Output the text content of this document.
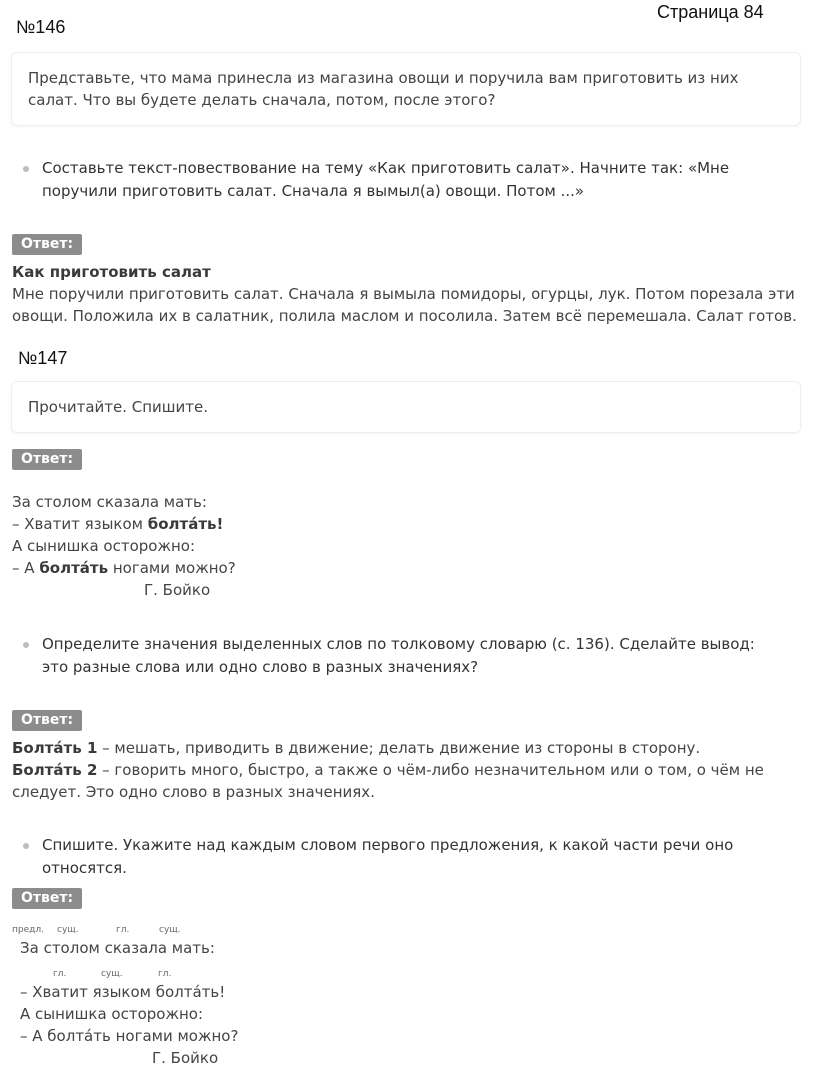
Страница 84
№146
Представьте, что мама принесла из магазина овощи и поручила вам приготовить из них салат. Что вы будете делать сначала, потом, после этого?
Составьте текст-повествование на тему «Как приготовить салат». Начните так: «Мне поручили приготовить салат. Сначала я вымыл(а) овощи. Потом ...»
Ответ:
Как приготовить салат
Мне поручили приготовить салат. Сначала я вымыла помидоры, огурцы, лук. Потом порезала эти овощи. Положила их в салатник, полила маслом и посолила. Затем всё перемешала. Салат готов.
№147
Прочитайте. Спишите.
Ответ:
За столом сказала мать:
– Хватит языком болта́ть!
А сынишка осторожно:
– А болта́ть ногами можно?
Г. Бойко
Определите значения выделенных слов по толковому словарю (с. 136). Сделайте вывод: это разные слова или одно слово в разных значениях?
Ответ:
Болта́ть 1 – мешать, приводить в движение; делать движение из стороны в сторону.
Болта́ть 2 – говорить много, быстро, а также о чём-либо незначительном или о том, о чём не следует. Это одно слово в разных значениях.
Спишите. Укажите над каждым словом первого предложения, к какой части речи оно относятся.
Ответ:
предл. сущ.	гл.	сущ.
За столом сказала мать:
гл.	сущ.	гл.
– Хватит языком болта́ть!
А сынишка осторожно:
– А болта́ть ногами можно?
Г. Бойко
